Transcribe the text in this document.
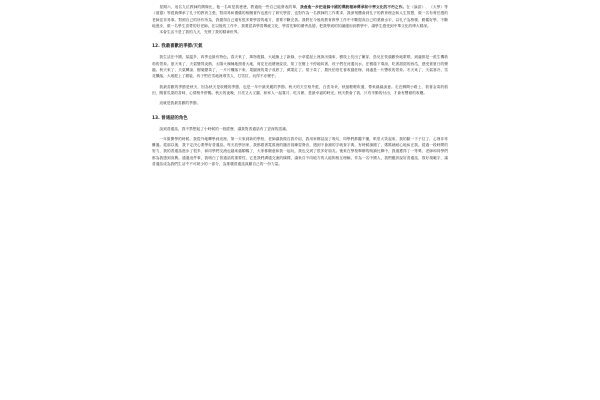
星期六，這名九位教師的偶像比，他一名叫是我爸爸，教過他一些自己能發表的單，我會進一步把這個中國的傳統精神傳承和中華文化的不朽之作。在《論語》、《大學》等《道德》等經典傳承了孔子的教育主張，對周易和禮儀的相關著作也進行了研究學習，也對作為一名教師的工作要求，我深刻體會到孔子的教育理念和人生智慧，做一名有責任感的老師並非易事。對照自己的所作所為，我覺得自己還有很多要學習的地方，需要不斷完善。我將在今後的教育教學工作中不斷提高自己的業務水平，以孔子為榜樣，勤奮好學，不斷地進步，做一名學生喜愛的好老師。在以後的工作中，我要認真學習傳統文化，學習先賢的優秀品德，把我學到的知識運用到教學中，讓學生感受到中華文化的博大精深。

本會生活不是了我的九天，充實了我的精神世界。

12. 我最喜歡的季節/天氣

我生活在中國，氣溫多，四季也最有特色。春天來了，萬物復蘇，大地換上了新綠，小草從泥土裡探出頭來，樹枝上長出了嫩芽，鳥兒在枝頭歡快地歌唱，到處都是一派生機勃勃的景象。夏天來了，天氣變得炎熱，太陽火辣辣地照著大地，荷花在池塘裡綻放，知了在樹上不停地叫著，孩子們在河邊玩水，在樹蔭下乘涼，吃著甜甜的西瓜，感受著夏日的樂趣。秋天來了，天氣轉涼，樹葉變黃了，一片片飄落下來，果園裡的果子成熟了，蘋果紅了，梨子黃了，農民伯伯忙著收割莊稼，到處是一片豐收的景象。冬天來了，天氣寒冷，雪花飄落，大地披上了銀裝，孩子們在雪地裡堆雪人、打雪仗，玩得不亦樂乎。

我最喜歡的季節是秋天，因為秋天是收穫的季節，也是一年中最美麗的季節。秋天的天空格外藍，白雲朵朵，秋風輕輕吹過，帶來絲絲涼意。走在鄉間小路上，看著金黃的稻田，聞著瓜果的香味，心情格外舒暢。秋天的夜晚，月亮又大又圓，和家人一起賞月、吃月餅，是最幸福的時光。秋天教會了我，只有辛勤的付出，才會有豐碩的收穫。

這就是我最喜歡的季節。

13. 普通話的角色

說到普通話，我不禁想起了小時候的一段經歷，讓我對普通話有了更深的認識。

一年級開學的時候，我從外地轉學到這裡，第一天來到新的學校，老師讓我做自我介紹，我用家鄉話說了幾句，同學們都聽不懂，哄堂大笑起來，我的臉一下子紅了，心裡非常難過。從那以後，我下定決心要學好普通話。每天放學回家，我都跟著電視裡的播音員練習發音，遇到不會讀的字就查字典，有時候讀錯了，媽媽就耐心地糾正我。經過一段時間的努力，我的普通話進步了很多，和同學們交流也越來越順暢了，大家都願意和我一起玩，我也交到了很多好朋友。後來在學校舉辦的朗讀比賽中，我還獲得了一等獎，老師和同學們都為我感到高興。通過這件事，我明白了普通話的重要性，它是我們溝通交流的橋樑，讓來自不同地方的人能夠相互理解。作為一名中國人，我們應該說好普通話，寫好規範字，讓普通話成為我們生活中不可缺少的一部分，為推廣普通話貢獻自己的一份力量。
